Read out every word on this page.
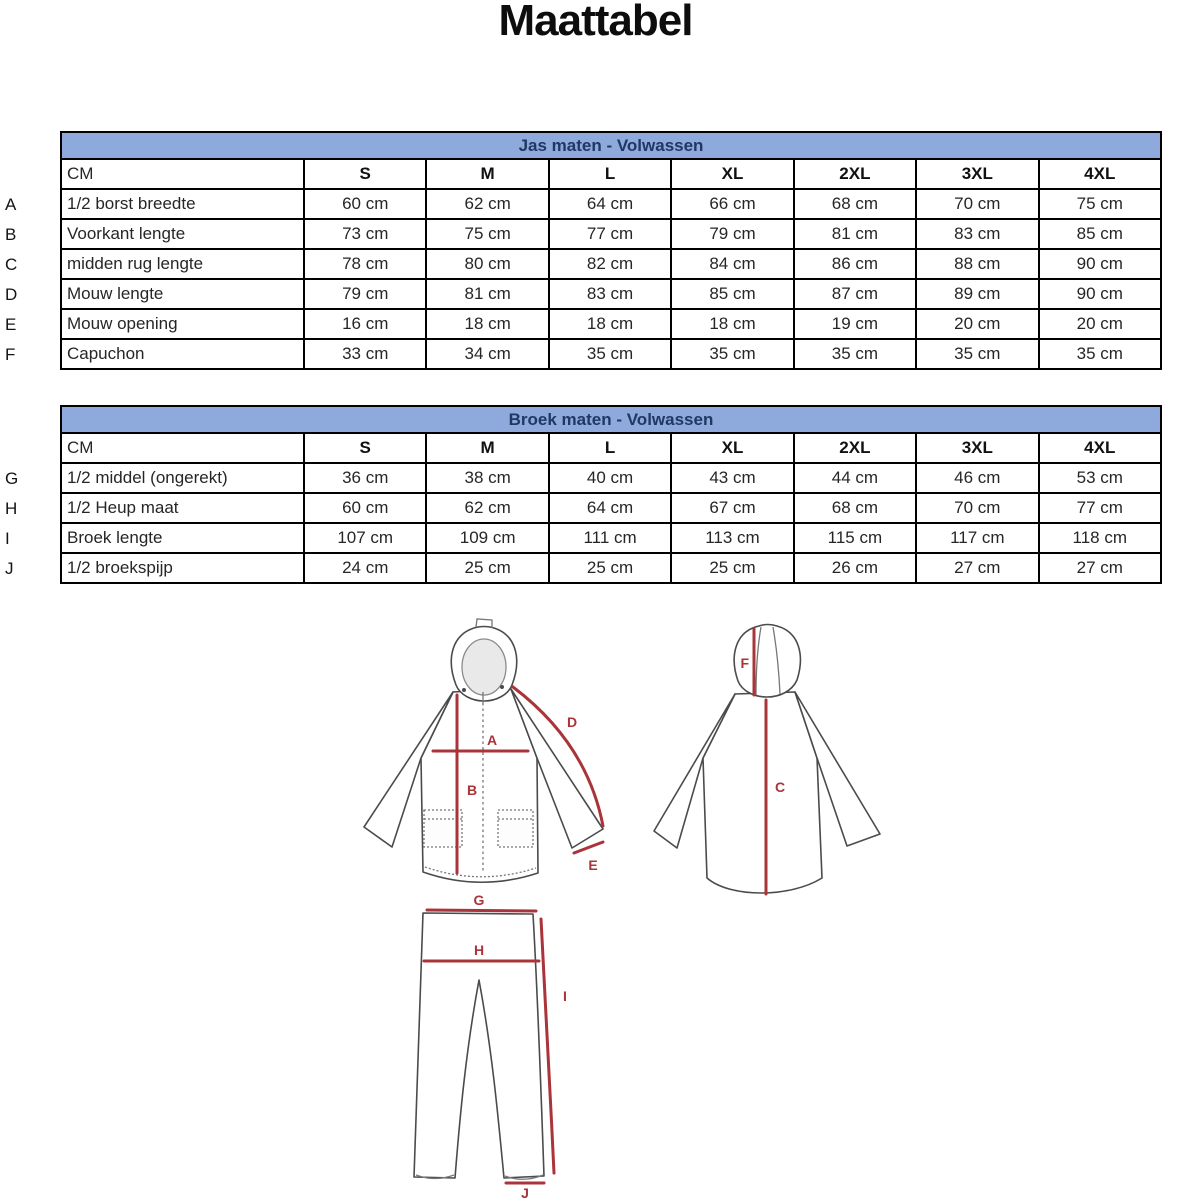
Maattabel
A
B
C
D
E
F
Jas maten - Volwassen							
CM	S	M	L	XL	2XL	3XL	4XL
1/2 borst breedte	60 cm	62 cm	64 cm	66 cm	68 cm	70 cm	75 cm
Voorkant lengte	73 cm	75 cm	77 cm	79 cm	81 cm	83 cm	85 cm
midden rug lengte	78 cm	80 cm	82 cm	84 cm	86 cm	88 cm	90 cm
Mouw lengte	79 cm	81 cm	83 cm	85 cm	87 cm	89 cm	90 cm
Mouw opening	16 cm	18 cm	18 cm	18 cm	19 cm	20 cm	20 cm
Capuchon	33 cm	34 cm	35 cm	35 cm	35 cm	35 cm	35 cm
G
H
I
J
Broek maten - Volwassen							
CM	S	M	L	XL	2XL	3XL	4XL
1/2 middel (ongerekt)	36 cm	38 cm	40 cm	43 cm	44 cm	46 cm	53 cm
1/2 Heup maat	60 cm	62 cm	64 cm	67 cm	68 cm	70 cm	77 cm
Broek lengte	107 cm	109 cm	111 cm	113 cm	115 cm	117 cm	118 cm
1/2 broekspijp	24 cm	25 cm	25 cm	25 cm	26 cm	27 cm	27 cm
A
B
D
E
F
C
G
H
I
J
